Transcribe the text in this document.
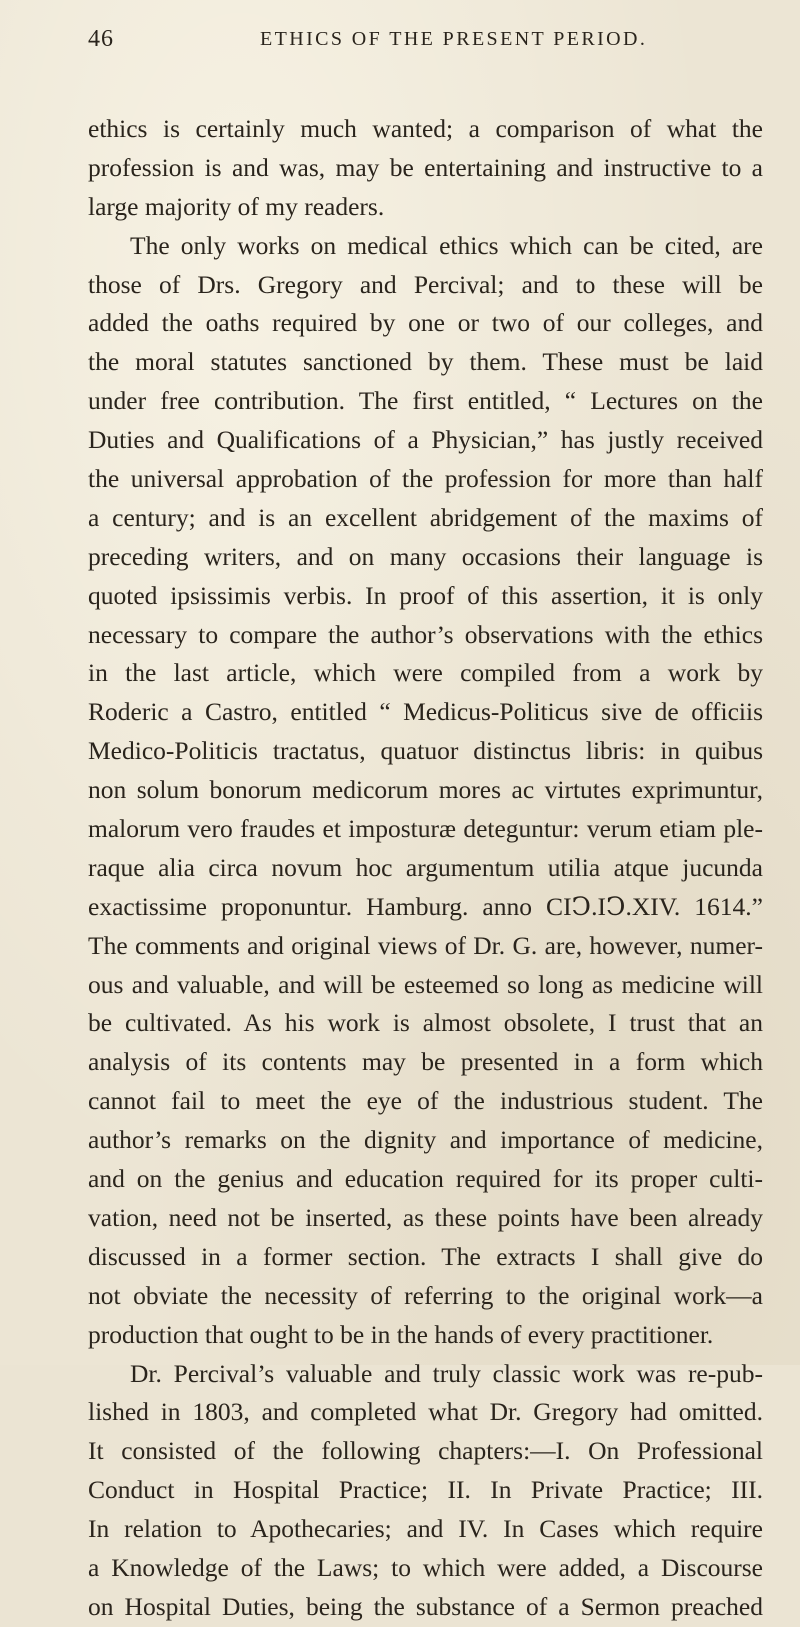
46	ETHICS OF THE PRESENT PERIOD.
ethics is certainly much wanted; a comparison of what the
profession is and was, may be entertaining and instructive to a
large majority of my readers.
The only works on medical ethics which can be cited, are
those of Drs. Gregory and Percival; and to these will be
added the oaths required by one or two of our colleges, and
the moral statutes sanctioned by them. These must be laid
under free contribution. The first entitled, “ Lectures on the
Duties and Qualifications of a Physician,” has justly received
the universal approbation of the profession for more than half
a century; and is an excellent abridgement of the maxims of
preceding writers, and on many occasions their language is
quoted ipsissimis verbis. In proof of this assertion, it is only
necessary to compare the author’s observations with the ethics
in the last article, which were compiled from a work by
Roderic a Castro, entitled “ Medicus-Politicus sive de officiis
Medico-Politicis tractatus, quatuor distinctus libris: in quibus
non solum bonorum medicorum mores ac virtutes exprimuntur,
malorum vero fraudes et imposturæ deteguntur: verum etiam ple-
raque alia circa novum hoc argumentum utilia atque jucunda
exactissime proponuntur. Hamburg. anno CIↃ.IↃ.XIV. 1614.”
The comments and original views of Dr. G. are, however, numer-
ous and valuable, and will be esteemed so long as medicine will
be cultivated. As his work is almost obsolete, I trust that an
analysis of its contents may be presented in a form which
cannot fail to meet the eye of the industrious student. The
author’s remarks on the dignity and importance of medicine,
and on the genius and education required for its proper culti-
vation, need not be inserted, as these points have been already
discussed in a former section. The extracts I shall give do
not obviate the necessity of referring to the original work—a
production that ought to be in the hands of every practitioner.
Dr. Percival’s valuable and truly classic work was re-pub-
lished in 1803, and completed what Dr. Gregory had omitted.
It consisted of the following chapters:—I. On Professional
Conduct in Hospital Practice; II. In Private Practice; III.
In relation to Apothecaries; and IV. In Cases which require
a Knowledge of the Laws; to which were added, a Discourse
on Hospital Duties, being the substance of a Sermon preached
